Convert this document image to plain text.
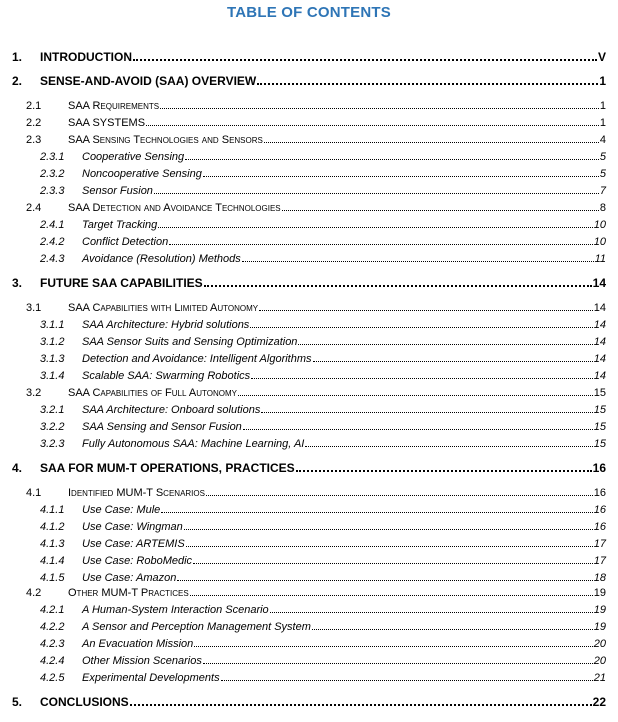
TABLE OF CONTENTS
1.	INTRODUCTION	V
2.	SENSE-AND-AVOID (SAA) OVERVIEW	1
2.1	SAA Requirements	1
2.2	SAA SYSTEMS	1
2.3	SAA Sensing Technologies and Sensors	4
2.3.1	Cooperative Sensing	5
2.3.2	Noncooperative Sensing	5
2.3.3	Sensor Fusion	7
2.4	SAA Detection and Avoidance Technologies	8
2.4.1	Target Tracking	10
2.4.2	Conflict Detection	10
2.4.3	Avoidance (Resolution) Methods	11
3.	FUTURE SAA CAPABILITIES	14
3.1	SAA Capabilities with Limited Autonomy	14
3.1.1	SAA Architecture: Hybrid solutions	14
3.1.2	SAA Sensor Suits and Sensing Optimization	14
3.1.3	Detection and Avoidance: Intelligent Algorithms	14
3.1.4	Scalable SAA: Swarming Robotics	14
3.2	SAA Capabilities of Full Autonomy	15
3.2.1	SAA Architecture: Onboard solutions	15
3.2.2	SAA Sensing and Sensor Fusion	15
3.2.3	Fully Autonomous SAA: Machine Learning, AI	15
4.	SAA FOR MUM-T OPERATIONS, PRACTICES	16
4.1	Identified MUM-T Scenarios	16
4.1.1	Use Case: Mule	16
4.1.2	Use Case: Wingman	16
4.1.3	Use Case: ARTEMIS	17
4.1.4	Use Case: RoboMedic	17
4.1.5	Use Case: Amazon	18
4.2	Other MUM-T Practices	19
4.2.1	A Human-System Interaction Scenario	19
4.2.2	A Sensor and Perception Management System	19
4.2.3	An Evacuation Mission	20
4.2.4	Other Mission Scenarios	20
4.2.5	Experimental Developments	21
5.	CONCLUSIONS	22
